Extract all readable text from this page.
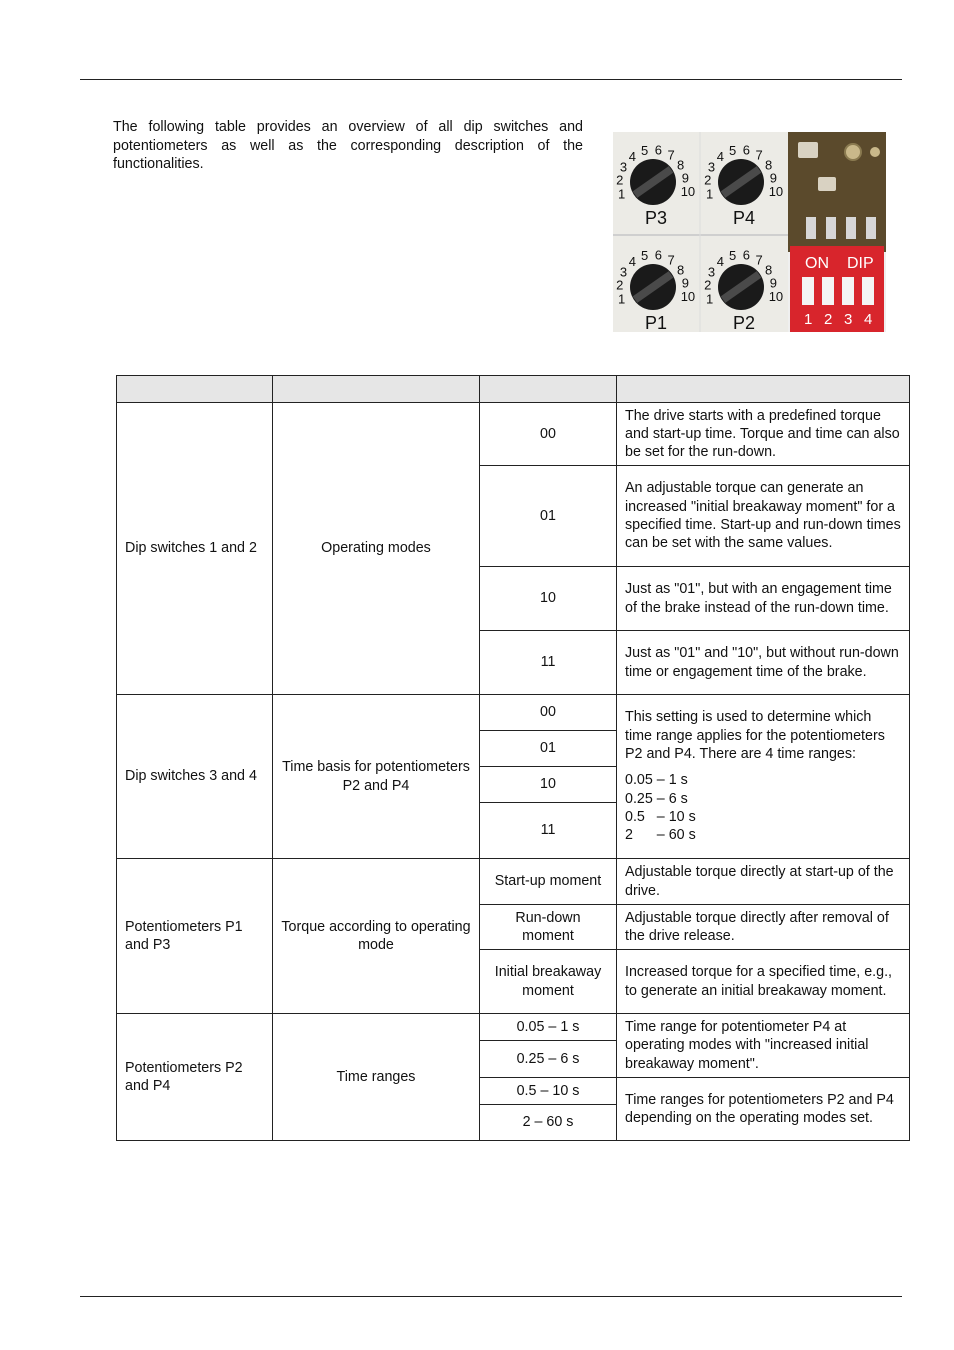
The following table provides an overview of all dip switches and potentiometers as well as the corresponding description of the functionalities.

ON DIP
1 2 3 4
P3	P4
P1	P2
1
2
3
4 5 6 7
8
9
10 1
2
3
4 5 6 7
8
9
10
1
2
3
4 5 6 7
8
9
10 1
2
3
4 5 6 7
8
9
10

Dip switches 1 and 2	Operating modes	00	The drive starts with a predefined torque and start-up time. Torque and time can also be set for the run-down.
		01	An adjustable torque can generate an increased "initial breakaway moment" for a specified time. Start-up and run-down times can be set with the same values.
		10	Just as "01", but with an engagement time of the brake instead of the run-down time.
		11	Just as "01" and "10", but without run-down time or engagement time of the brake.
Dip switches 3 and 4	Time basis for potentiometers P2 and P4	00	This setting is used to determine which time range applies for the potentiometers P2 and P4. There are 4 time ranges:
0.05 – 1 s
0.25 – 6 s
0.5   – 10 s
2      – 60 s

		01	
		10	
		11	
Potentiometers P1 and P3	Torque according to operating mode	Start-up moment	Adjustable torque directly at start-up of the drive.
		Run-down moment	Adjustable torque directly after removal of the drive release.
		Initial breakaway moment	Increased torque for a specified time, e.g., to generate an initial breakaway moment.
Potentiometers P2 and P4	Time ranges	0.05 – 1 s	Time range for potentiometer P4 at operating modes with "increased initial breakaway moment".
		0.25 – 6 s	
		0.5 – 10 s	Time ranges for potentiometers P2 and P4 depending on the operating modes set.
		2 – 60 s	
